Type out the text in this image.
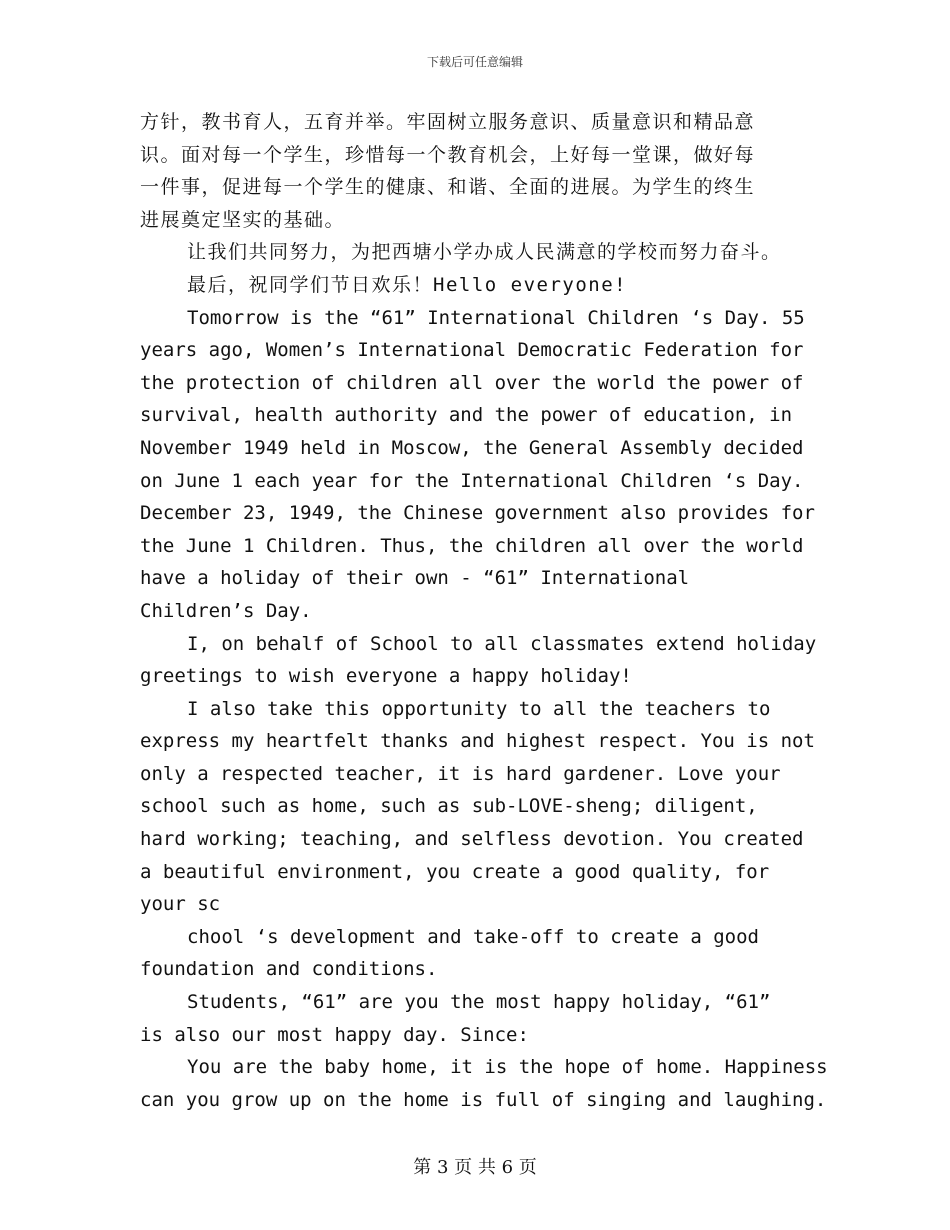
下载后可任意编辑
方针，教书育人，五育并举。牢固树立服务意识、质量意识和精品意
识。面对每一个学生，珍惜每一个教育机会，上好每一堂课，做好每
一件事，促进每一个学生的健康、和谐、全面的进展。为学生的终生
进展奠定坚实的基础。
让我们共同努力，为把西塘小学办成人民满意的学校而努力奋斗。
最后，祝同学们节日欢乐！Hello everyone!
Tomorrow is the “61” International Children ‘s Day. 55
years ago, Women’s International Democratic Federation for
the protection of children all over the world the power of
survival, health authority and the power of education, in
November 1949 held in Moscow, the General Assembly decided
on June 1 each year for the International Children ‘s Day.
December 23, 1949, the Chinese government also provides for
the June 1 Children. Thus, the children all over the world
have a holiday of their own - “61” International
Children’s Day.
I, on behalf of School to all classmates extend holiday
greetings to wish everyone a happy holiday!
I also take this opportunity to all the teachers to
express my heartfelt thanks and highest respect. You is not
only a respected teacher, it is hard gardener. Love your
school such as home, such as sub-LOVE-sheng; diligent,
hard working; teaching, and selfless devotion. You created
a beautiful environment, you create a good quality, for
your sc
chool ‘s development and take-off to create a good
foundation and conditions.
Students, “61” are you the most happy holiday, “61”
is also our most happy day. Since:
You are the baby home, it is the hope of home. Happiness
can you grow up on the home is full of singing and laughing.
第 3 页 共 6 页
